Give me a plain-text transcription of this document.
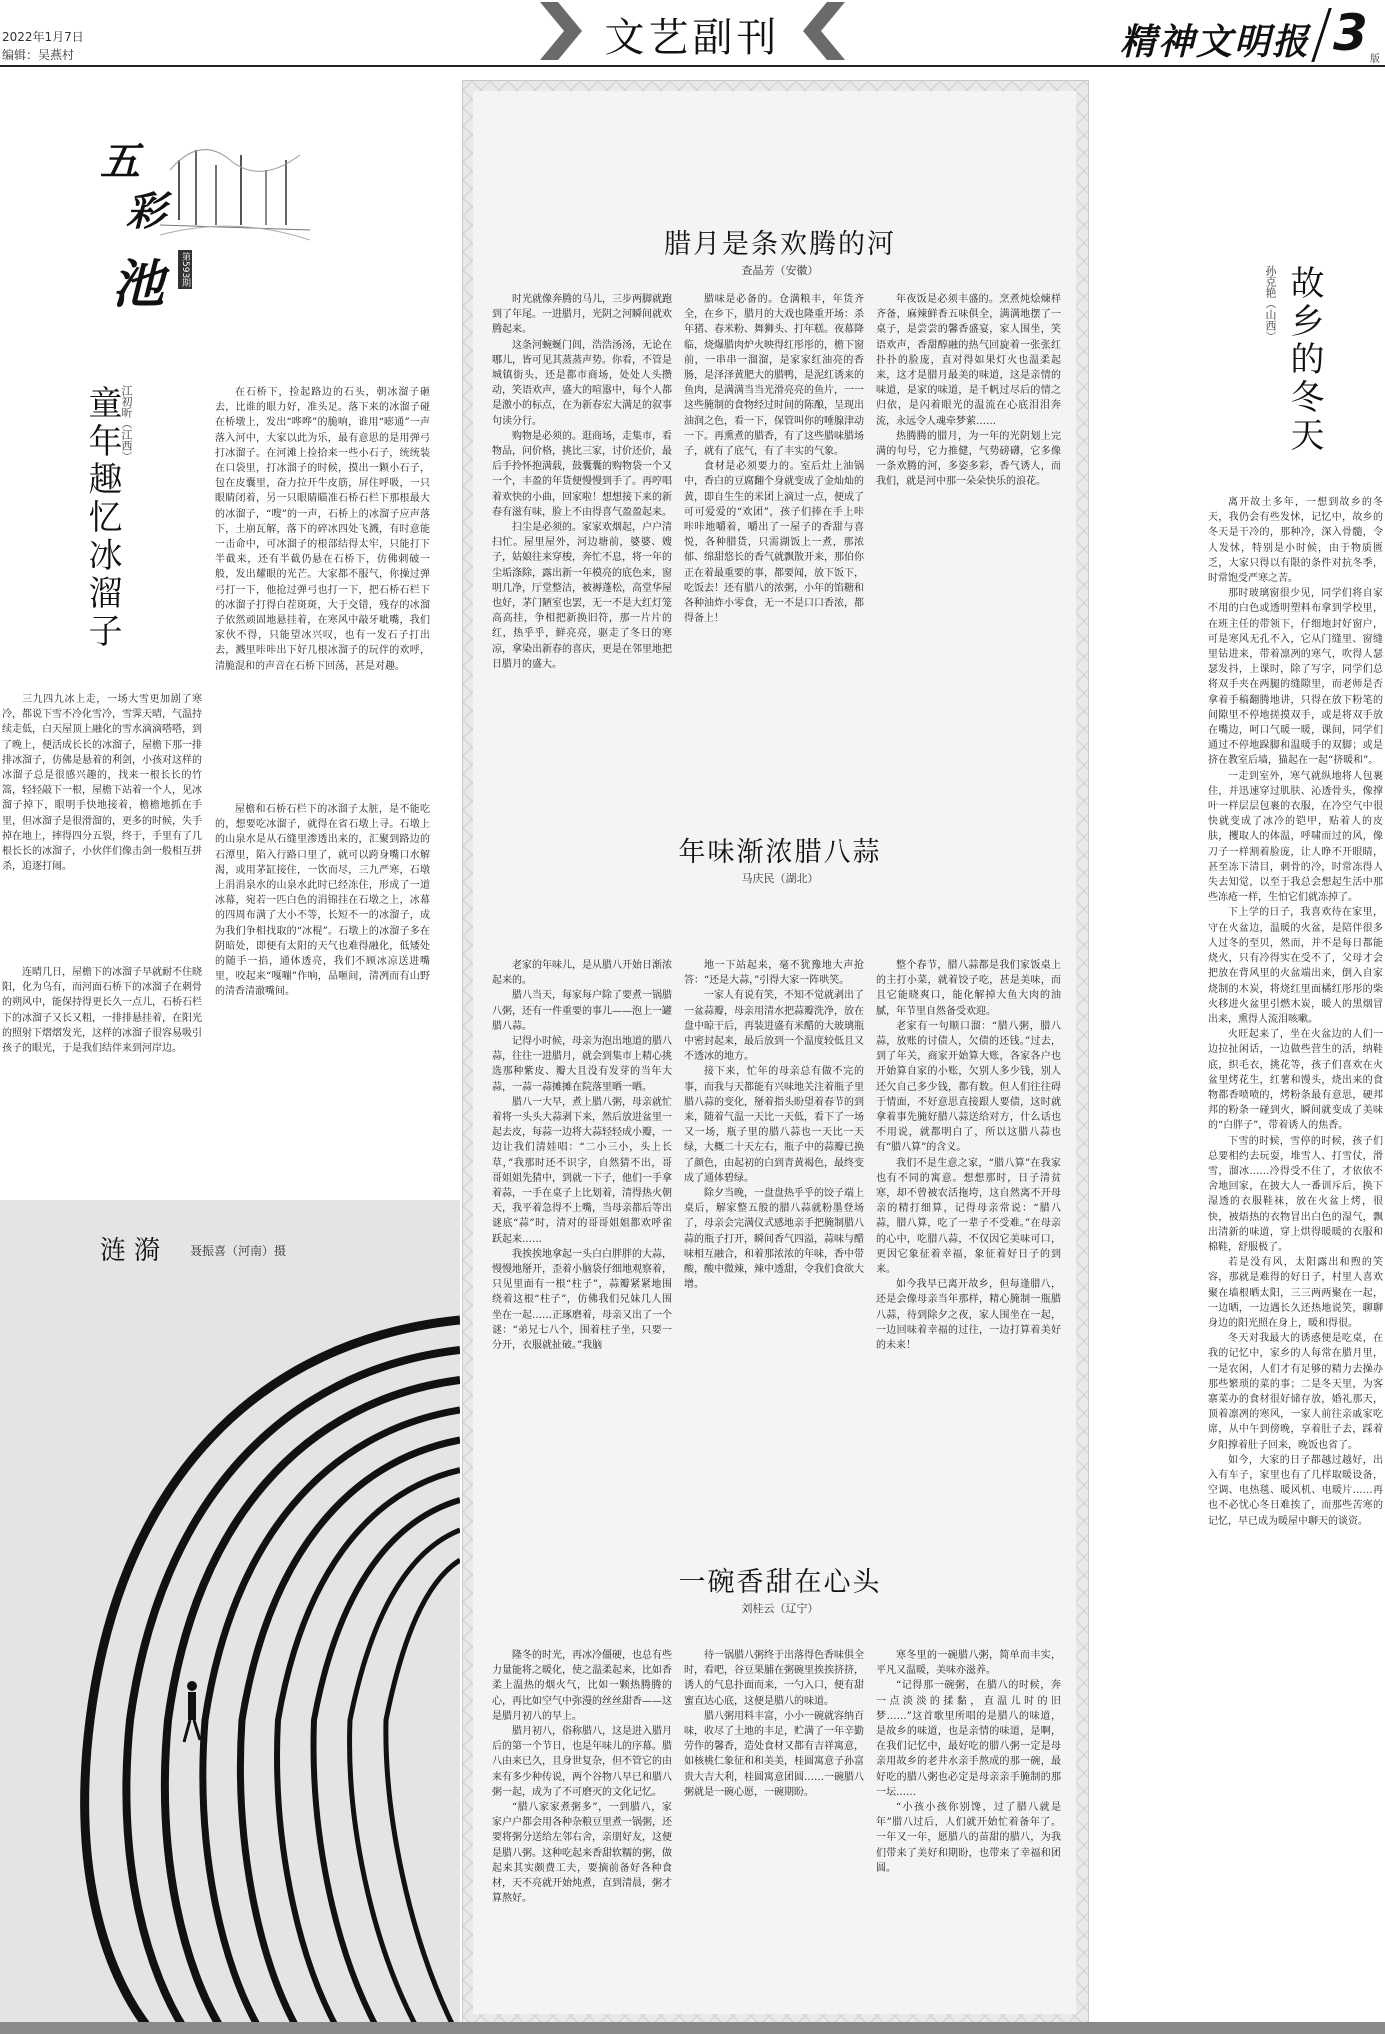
2022年1月7日
编辑：吴燕村	文艺副刊	精神文明报 3 版
五
彩
池 第593期
童年趣忆冰溜子
江初昕（江西）	在石桥下，捡起路边的石头，朝冰溜子砸去，比谁的眼力好，准头足。落下来的冰溜子碰在桥墩上，发出“哗哗”的脆响，谁用“嘭通”一声落入河中，大家以此为乐，最有意思的是用弹弓打冰溜子。在河滩上捡拾来一些小石子，统统装在口袋里，打冰溜子的时候，摸出一颗小石子，包在皮囊里，奋力拉开牛皮筋，屏住呼吸，一只眼睛闭着，另一只眼睛瞄准石桥石栏下那根最大的冰溜子，“嗖”的一声，石桥上的冰溜子应声落下，土崩瓦解，落下的碎冰四处飞溅，有时意能一击命中，可冰溜子的根部结得太牢，只能打下半截来，还有半截仍悬在石桥下，仿佛刺破一般，发出耀眼的光芒。大家都不服气，你操过弹弓打一下，他抢过弹弓也打一下，把石桥石栏下的冰溜子打得白茬斑斑，大于交错，残存的冰溜子依然顽固地悬挂着，在寒风中敲牙呲嘴，我们家伙不得，只能望冰兴叹，也有一发石子打出去，溅里咔咔出下好几根冰溜子的玩伴的欢呼，清脆混和的声音在石桥下回荡，甚是对趣。

屋檐和石桥石栏下的冰溜子太脏，是不能吃的，想要吃冰溜子，就得在省石墩上寻。石墩上的山泉水是从石缝里渗透出来的，汇聚到路边的石潭里，陷入行路口里了，就可以跨身嘴口水解渴，或用茅缸接住，一饮而尽，三九严寒，石墩上涓涓泉水的山泉水此时已经冻住，形成了一道冰幕，宛若一匹白色的涓锦挂在石墩之上，冰幕的四周布满了大小不等，长短不一的冰溜子，成为我们争相找取的“冰棍”。石墩上的冰溜子多在阴暗处，即便有太阳的天气也难得融化，低矮处的随手一掐，通体透亮，我们不顾冰凉送进嘴里，咬起来“嘎嘣”作响，品咂间，清冽而有山野的清香清澈嘴间。

三九四九冰上走，一场大雪更加剧了寒冷，都说下雪不冷化雪冷，雪霁天晴，气温持续走低，白天屋顶上融化的雪水滴滴嗒嗒，到了晚上，便活成长长的冰溜子，屋檐下那一排排冰溜子，仿佛是悬着的利剑，小孩对这样的冰溜子总是很感兴趣的，找来一根长长的竹篙，轻轻敲下一根，屋檐下站着一个人，见冰溜子掉下，眼明手快地接着，檐檐地抓在手里，但冰溜子是很滑溜的，更多的时候，失手掉在地上，摔得四分五裂，终于，手里有了几根长长的冰溜子，小伙伴们像击剑一般相互拼杀，追逐打闹。

连晴几日，屋檐下的冰溜子早就耐不住晓阳，化为乌有，而河面石桥下的冰溜子在刺骨的朔风中，能保持得更长久一点儿，石桥石栏下的冰溜子又长又粗，一排排悬挂着，在阳光的照射下熠熠发光，这样的冰溜子很容易吸引孩子的眼光，于是我们结伴来到河岸边。

涟漪 聂振喜（河南）摄
腊月是条欢腾的河
查晶芳（安徽）

时光就像奔腾的马儿，三步两脚就跑到了年尾。一进腊月，光阴之河瞬间就欢腾起来。

这条河蜿蜒门闾，浩浩汤汤，无论在哪儿，皆可见其蒸蒸声势。你看，不管是城镇街头，还是都市商场，处处人头攒动，笑语欢声，盛大的喧嚣中，每个人都是激小的标点，在为新春宏大满足的叙事句读分行。

购物是必须的。逛商场，走集市，看物品，问价格，挑比三家，讨价还价，最后手拎怀抱满载，鼓囊囊的购物袋一个又一个，丰盈的年货便慢慢到手了。再哼唱着欢快的小曲，回家啦！想想接下来的新春有滋有味，脸上不由得喜气盈盈起来。

扫尘是必须的。家家欢烟起，户户清扫忙。屋里屋外，河边塘前，婆婆、嫂子，姑娘往来穿梭，奔忙不息，将一年的尘垢涤除，露出新一年模亮的底色来，窗明几净，厅堂整洁，被褥蓬松，高堂华屋也好，茅门陋室也罢，无一不是大红灯笼高高挂，争相把新换旧符，那一片片的红，热乎乎，鲜亮亮，驱走了冬日的寒凉，拿染出新春的喜庆，更是在邻里地把日腊月的盛大。

腊味是必备的。仓满粮丰，年货齐全，在乡下，腊月的大戏也隆重开场：杀年猪、春米粉、舞狮头、打年糕。夜幕降临，烧爆腊肉炉火映得红彤彤的，檐下窗前，一串串一溜溜，是家家红油亮的香肠，是泽泽黄肥大的腊鸭，是泥红诱来的鱼肉，是满满当当光滑亮亮的鱼片，一一这些腌制的食物经过时间的陈酿，呈现出油润之色，看一下，保管叫你的唾腺津动一下。再熏煮的腊香，有了这些腊味腊场子，就有了底气，有了丰实的气象。

食材是必须要力的。室后灶上油锅中，香白的豆腐翻个身就变成了金灿灿的黄，即自生生的米团上滴过一点，便成了可可爱爱的“欢团”，孩子们捧在手上咔咔咔地嚼着，嚼出了一屋子的香甜与喜悦，各种腊货，只需湖饭上一煮，那浓郁、绵甜悠长的香气就飘散开来，那伯你正在着最重要的事，都要闻，放下饭下，吃饭去！还有腊八的浓粥，小年的馅糖和各种油炸小零食，无一不是口口香浓，都得备上！

年夜饭是必须丰盛的。烹煮炖烩煉样齐备，麻辣鲜香五味俱全，满满地摆了一桌子，是尝尝的馨香盛宴，家人围坐，笑语欢声，香甜醇融的热气回旋着一张张红扑扑的脸庞，直对得如果灯火也温柔起来，这才是腊月最美的味道，这是亲情的味道，是家的味道，是千帆过尽后的情之归依，是闪着眼光的温流在心底泪泪奔流，永远令人魂牵梦萦……

热腾腾的腊月，为一年的光阴划上完满的句号，它力推健，气势磅礴，它多像一条欢腾的河，多姿多彩，香气诱人，而我们，就是河中那一朵朵快乐的浪花。

年味渐浓腊八蒜
马庆民（湖北）

老家的年味儿，是从腊八开始日渐浓起来的。

腊八当天，每家每户除了要煮一锅腊八粥，还有一件重要的事儿——泡上一罐腊八蒜。

记得小时候，母亲为泡出地道的腊八蒜，往往一进腊月，就会到集市上精心挑选那种紫皮、瓣大且没有发芽的当年大蒜，一蒜一蒜摊摊在院落里晒一晒。

腊八一大早，煮上腊八粥，母亲就忙着将一头头大蒜剥下来，然后放进盆里一起去皮，每蒜一边将大蒜轻轻成小瓣，一边让我们清娃唱：“二小三小，头上长草，”我那时还不识字，自然猜不出，哥哥姐姐先猜中，到就一下子，他们一手拿着蒜，一手在桌子上比划着，清得热火朝天，我平着急得不上嘴，当母亲都后等出谜底“蒜”时，清对的哥哥姐姐都欢呼雀跃起来……

我挨挨地拿起一头白白胖胖的大蒜，慢慢地掰开，歪着小脑袋仔细地观察着，只见里面有一根“柱子”，蒜瓣紧紧地围绕着这根“柱子”，仿佛我们兄妹几人围坐在一起……正琢磨着，母亲又出了一个谜：“弟兄七八个，围着柱子坐，只要一分开，衣服就扯破。”我脑

地一下站起来，毫不犹豫地大声抢答：“还是大蒜，”引得大家一阵哄笑。

一家人有说有笑，不知不觉就剥出了一盆蒜瓣，母亲用清水把蒜瓣洗净，放在盘中晾干后，再装进盛有米醋的大玻璃瓶中密封起来，最后放到一个温度较低且又不透冰的地方。

接下来，忙年的母亲总有做不完的事，而我与天都能有兴味地关注着瓶子里腊八蒜的变化，掰着指头盼望着春节的到来，随着气温一天比一天低，看下了一场又一场，瓶子里的腊八蒜也一天比一天绿，大概二十天左右，瓶子中的蒜瓣已换了颜色，由起初的白到青黄褐色，最终变成了通体碧绿。

除夕当晚，一盘盘热乎乎的饺子端上桌后，解家整五般的腊八蒜就粉墨登场了，母亲会完满仪式感地亲手把腌制腊八蒜的瓶子打开，瞬间香气四溢，蒜味与醋味相互融合，和着那浓浓的年味，香中带酸，酸中微辣，辣中透甜，令我们食欲大增。

整个春节，腊八蒜都是我们家饭桌上的主打小菜，就着饺子吃，甚是美味，而且它能晓爽口，能化解掉大鱼大肉的油腻，年节里自然备受欢迎。

老家有一句顺口溜：“腊八粥，腊八蒜，放账的讨债人，欠债的还钱。”过去，到了年关，商家开始算大账，各家各户也开始算自家的小账，欠别人多少钱，别人还欠自己多少钱，都有数。但人们往往碍于情面，不好意思直接跟人要债，这时就拿着事先腌好腊八蒜送给对方，什么话也不用说，就都明白了，所以这腊八蒜也有“腊八算”的含义。

我们不是生意之家，“腊八算”在我家也有不同的寓意。想想那时，日子清贫寒，却不曾被农活拖垮，这自然离不开母亲的精打细算，记得母亲常说：“腊八蒜，腊八算，吃了一辈子不受难。”在母亲的心中，吃腊八蒜，不仅因它美味可口，更因它象征着幸福，象征着好日子的到来。

如今我早已离开故乡，但每逢腊八，还是会像母亲当年那样，精心腌制一瓶腊八蒜，待到除夕之夜，家人围坐在一起，一边回味着幸福的过往，一边打算着美好的未来！

一碗香甜在心头
刘桂云（辽宁）

隆冬的时光，再冰冷僵硬，也总有些力量能将之暖化，使之温柔起来，比如香柔上温热的烟火气，比如一颗热腾腾的心，再比如空气中弥漫的丝丝甜香——这是腊月初八的早上。

腊月初八，俗称腊八，这是进入腊月后的第一个节日，也是年味儿的序幕。腊八由来已久，且身世复杂，但不管它的由来有多少种传说，两个谷物八早已和腊八粥一起，成为了不可磨灭的文化记忆。

“腊八家家煮粥多”，一到腊八，家家户户都会用各种杂粮豆里煮一锅粥，还要将粥分送给左邻右舍，亲朋好友，这便是腊八粥。这种吃起来香甜软糯的粥，做起来其实颇费工夫，要摘前备好各种食材，天不亮就开始炖煮，直到清晨，粥才算熬好。

待一锅腊八粥终于出落得色香味俱全时，看吧，谷豆果脯在粥碗里挨挨挤挤，诱人的气息扑面而来，一勺入口，便有甜蜜直达心底，这便是腊八的味道。

腊八粥用料丰富，小小一碗就容纳百味，收尽了土地的丰足，贮满了一年辛勤劳作的馨香，造处食材又都有吉祥寓意，如核桃仁象征和和美美，桂圆寓意子孙富贵大吉大利，桂圆寓意团圆……一碗腊八粥就是一碗心愿，一碗期盼。

寒冬里的一碗腊八粥，简单而丰实，平凡又温暖，美味亦滋养。

“记得那一碗粥，在腊八的时候，奔一点淡淡的揉黏，直温儿时的旧梦……”这首歌里所唱的是腊八的味道，是故乡的味道，也是亲情的味道，是啊，在我们记忆中，最好吃的腊八粥一定是母亲用故乡的老井水亲手熬成的那一碗，最好吃的腊八粥也必定是母亲亲手腌制的那一坛……

“小孩小孩你别馋，过了腊八就是年”腊八过后，人们就开始忙着备年了。一年又一年，愿腊八的苗甜的腊八，为我们带来了美好和期盼，也带来了幸福和团圆。

故乡的冬天
孙克艳（山西）

离开故土多年，一想到故乡的冬天，我仍会有些发怵，记忆中，故乡的冬天是干冷的，那种冷，深入骨髓，令人发怵，特别是小时候，由于物质匮乏，大家只得以有限的条件对抗冬季，时常饱受严寒之苦。

那时玻璃窗很少见，同学们将自家不用的白色或透明塑料布拿到学校里，在班主任的带领下，仔细地封好窗户，可是寒风无孔不入，它从门缝里、窗缝里钻进来，带着凛冽的寒气，吹得人瑟瑟发抖，上课时，除了写字，同学们总将双手夹在两腿的缝隙里，而老师是否拿着手稿翻腾地讲，只得在放下粉笔的间隙里不停地搓摸双手，或是将双手放在嘴边，呵口气暖一暖，课间，同学们通过不停地跺脚和温暖手的双脚；或是挤在教室后墙，猫起在一起“挤暖和”。

一走到室外，寒气就纵地将人包裹住，并迅速穿过肌肤、沁透骨头，像撑叶一样层层包裹的衣服，在冷空气中很快就变成了冰冷的铠甲，贴着人的皮肤，攫取人的体温，呼啸而过的风，像刀子一样割着脸庞，让人睁不开眼睛，甚至冻下清目，刺骨的冷，时常冻得人失去知觉，以至于我总会想起生活中那些冻疮一样，生怕它们就冻掉了。

下上学的日子，我喜欢待在家里，守在火盆边，温暖的火盆，是陪伴很多人过冬的至贝，然而，并不是每日都能烧火，只有冷得实在受不了，父母才会把放在背风里的火盆端出来，倒入自家烧制的木炭，将烧红里面橘红彤彤的柴火移进火盆里引燃木炭，暖人的黑烟冒出来，熏得人流泪咳嗽。

火旺起来了，坐在火盆边的人们一边拉扯闲话，一边做些营生的活，纳鞋底，织毛衣，挑花等，孩子们喜欢在火盆里烤花生，红薯和馒头，烧出来的食物都香喷喷的，烤粉条最有意思，硬邦邦的粉条一碰到火，瞬间就变成了美味的“白胖子”，带着诱人的焦香。

下雪的时候，雪停的时候，孩子们总要相约去玩耍，堆雪人、打雪仗，滑雪，溜冰……冷得受不住了，才依依不舍地回家，在披大人一番训斥后，换下湿透的衣服鞋袜，放在火盆上烤，很快，被焐热的衣物冒出白色的湿气，飘出清新的味道，穿上烘得暖暖的衣服和棉鞋，舒服极了。

若是没有风，太阳露出和煦的笑容，那就是难得的好日子，村里人喜欢聚在墙根晒太阳，三三两两聚在一起，一边晒，一边遇长久还热地说笑，聊聊身边的阳光照在身上，暖和得很。

冬天对我最大的诱惑便是吃桌，在我的记忆中，家乡的人每常在腊月里，一是农闲，人们才有足够的精力去操办那些繁琐的菜的事；二是冬天里，为客寨菜办的食材很好储存放，婚礼那天，顶着凛冽的寒风，一家人前往亲戚家吃席，从中午到傍晚，享着肚子去，踩着夕阳撑着肚子回来，晚饭也省了。

如今，大家的日子都越过越好，出入有车子，家里也有了几样取暖设备，空调、电热毯、暖风机、电暖片……再也不必忧心冬日难挨了，而那些苦寒的记忆，早已成为暖屋中聊天的谈资。
